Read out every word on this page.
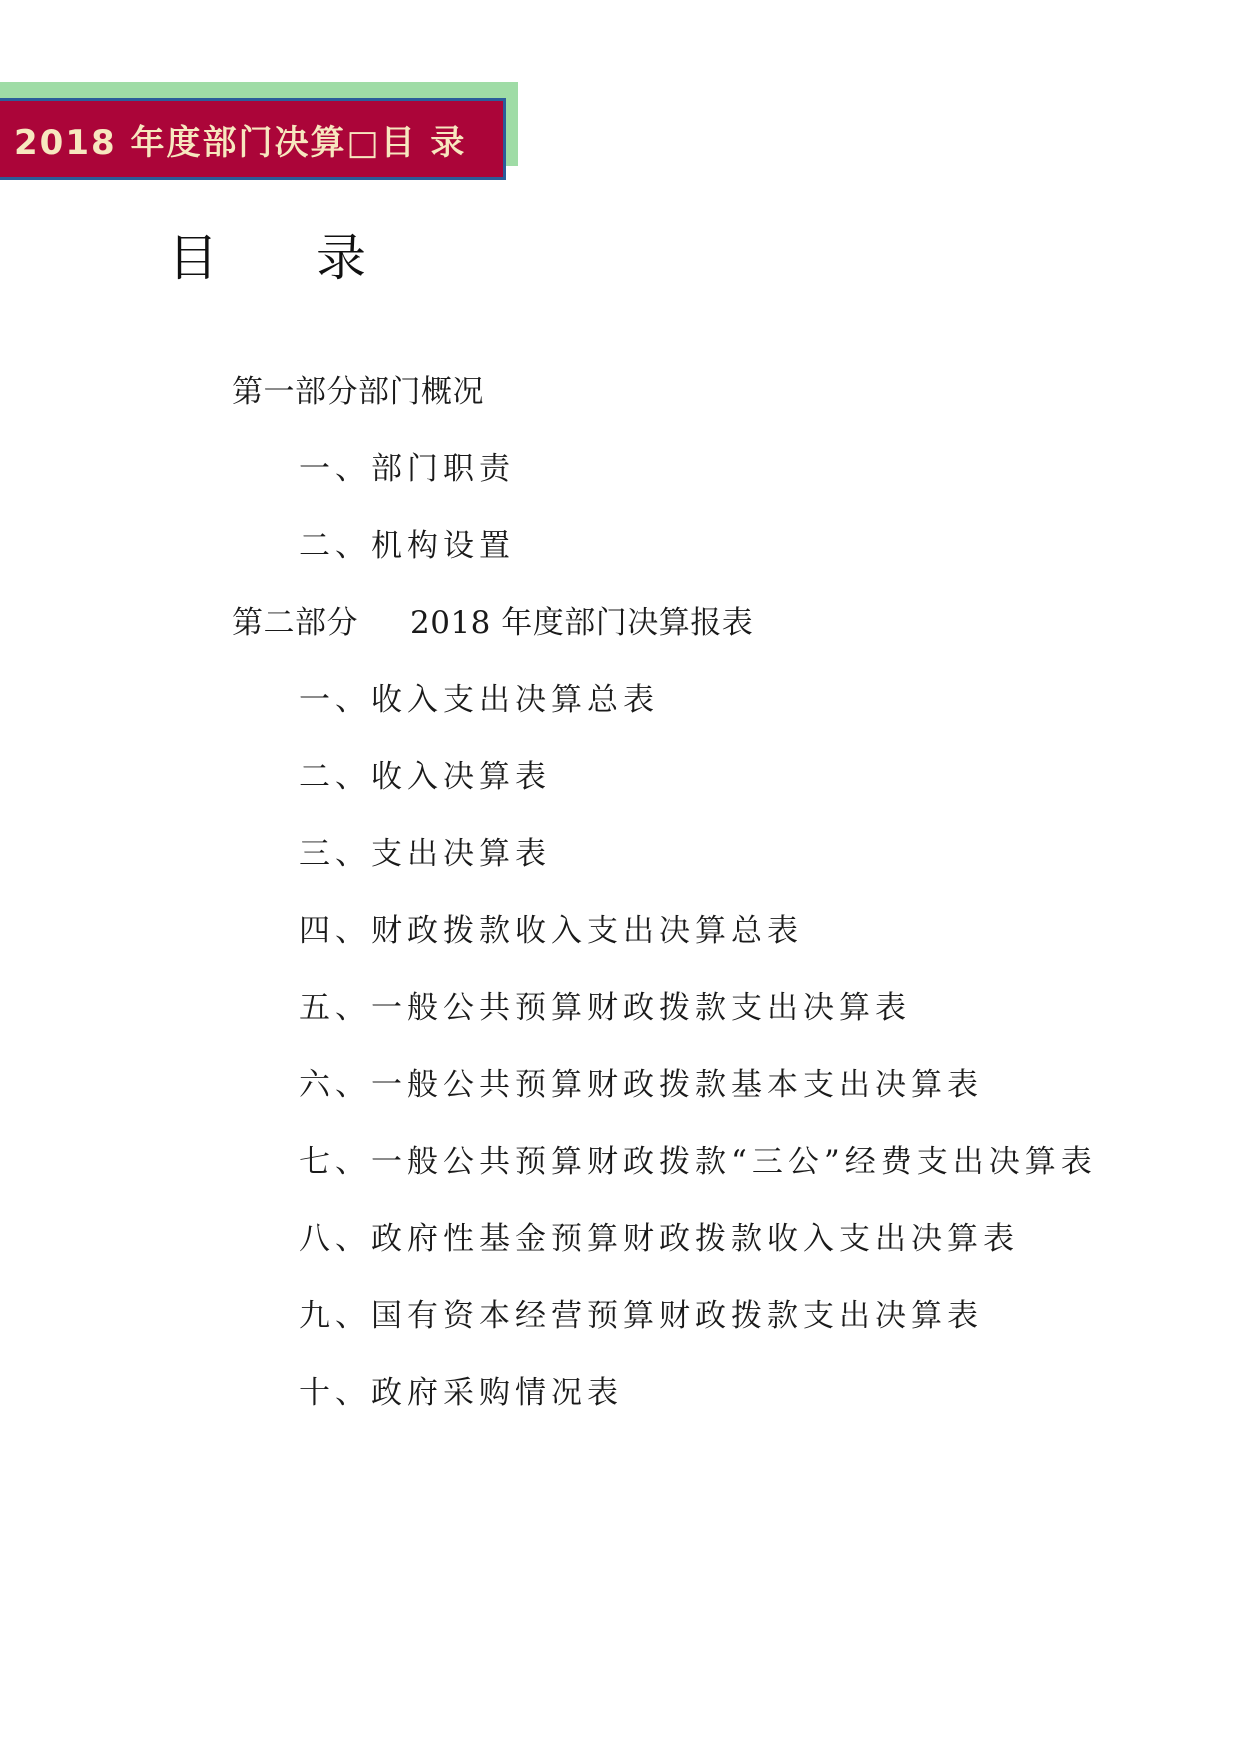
2018 年度部门决算□目 录
目录
第一部分部门概况
一、部门职责
二、机构设置
第二部分 2018 年度部门决算报表
一、收入支出决算总表
二、收入决算表
三、支出决算表
四、财政拨款收入支出决算总表
五、一般公共预算财政拨款支出决算表
六、一般公共预算财政拨款基本支出决算表
七、一般公共预算财政拨款“三公”经费支出决算表
八、政府性基金预算财政拨款收入支出决算表
九、国有资本经营预算财政拨款支出决算表
十、政府采购情况表
